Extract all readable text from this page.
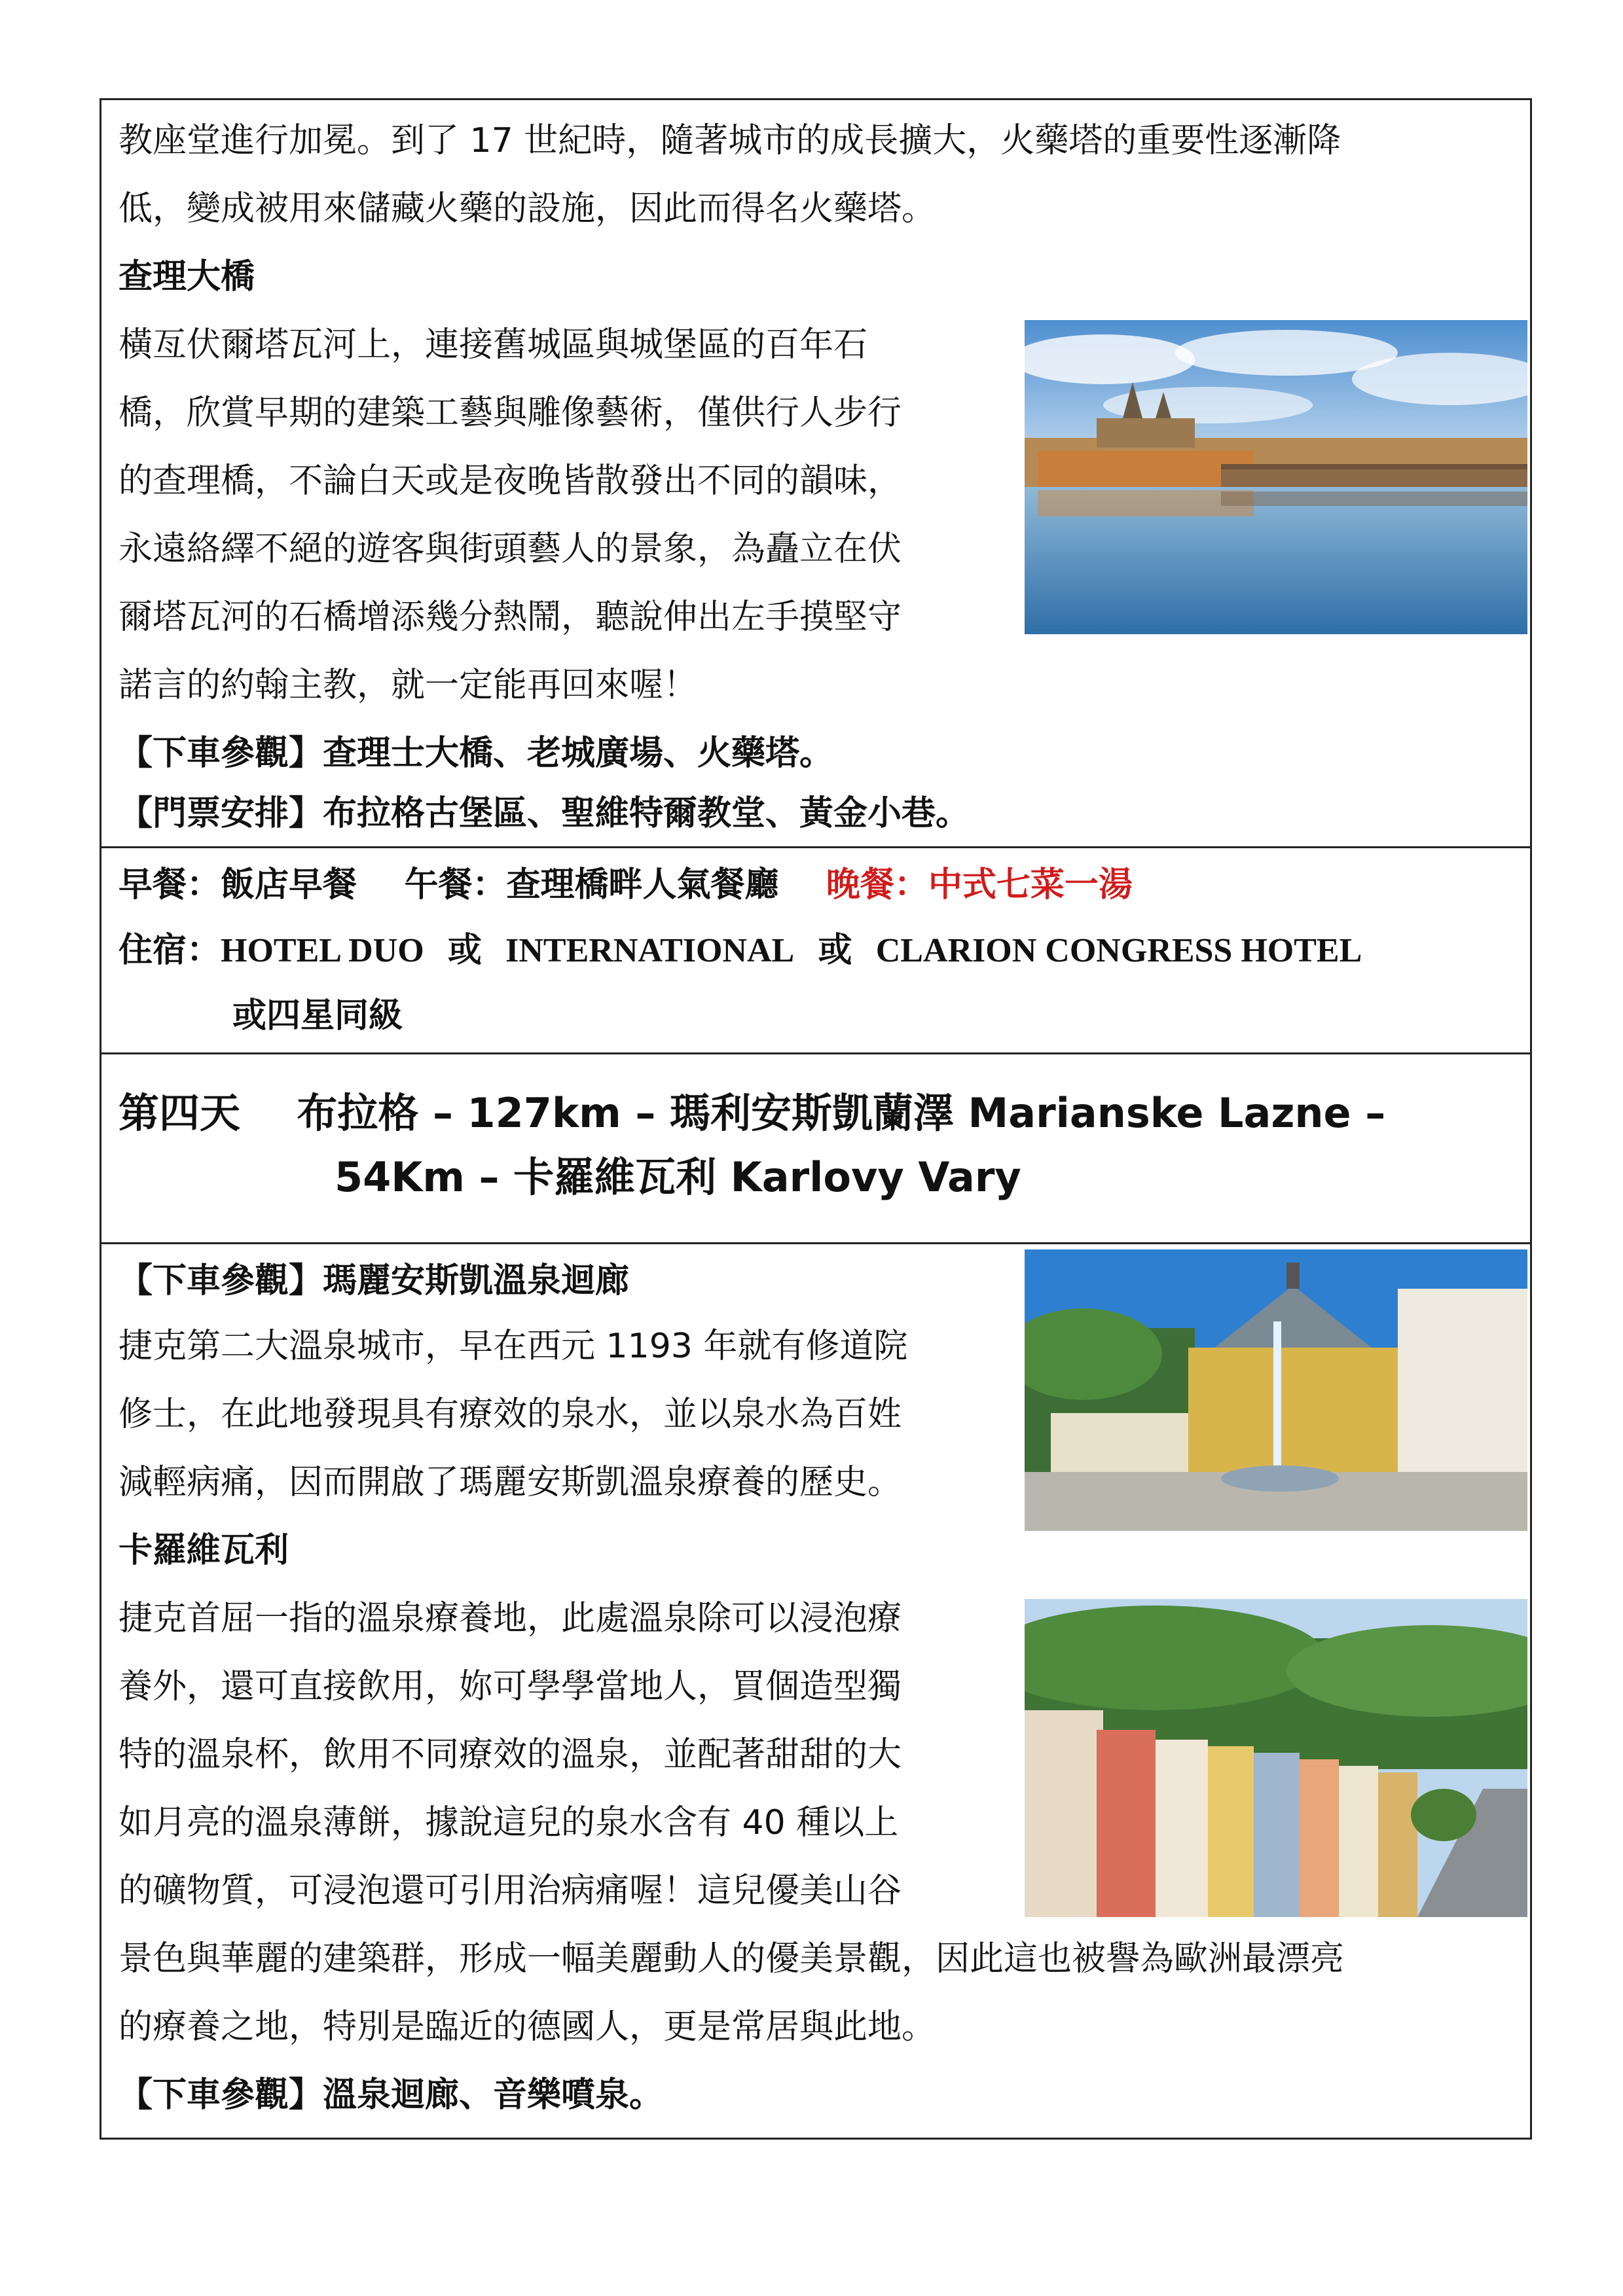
教座堂進行加冕。到了 17 世紀時，隨著城市的成長擴大，火藥塔的重要性逐漸降
低，變成被用來儲藏火藥的設施，因此而得名火藥塔。
查理大橋
橫亙伏爾塔瓦河上，連接舊城區與城堡區的百年石
橋，欣賞早期的建築工藝與雕像藝術，僅供行人步行
的查理橋，不論白天或是夜晚皆散發出不同的韻味，
永遠絡繹不絕的遊客與街頭藝人的景象，為矗立在伏
爾塔瓦河的石橋增添幾分熱鬧，聽說伸出左手摸堅守
諾言的約翰主教，就一定能再回來喔！
【下車參觀】查理士大橋、老城廣場、火藥塔。
【門票安排】布拉格古堡區、聖維特爾教堂、黃金小巷。
早餐：飯店早餐 午餐：查理橋畔人氣餐廳 晚餐：中式七菜一湯
住宿：HOTEL DUO 或 INTERNATIONAL 或 CLARION CONGRESS HOTEL
或四星同級
第四天 布拉格 – 127km – 瑪利安斯凱蘭澤 Marianske Lazne –
54Km – 卡羅維瓦利 Karlovy Vary
【下車參觀】瑪麗安斯凱溫泉迴廊
捷克第二大溫泉城市，早在西元 1193 年就有修道院
修士，在此地發現具有療效的泉水，並以泉水為百姓
減輕病痛，因而開啟了瑪麗安斯凱溫泉療養的歷史。
卡羅維瓦利
捷克首屈一指的溫泉療養地，此處溫泉除可以浸泡療
養外，還可直接飲用，妳可學學當地人，買個造型獨
特的溫泉杯，飲用不同療效的溫泉，並配著甜甜的大
如月亮的溫泉薄餅，據說這兒的泉水含有 40 種以上
的礦物質，可浸泡還可引用治病痛喔！這兒優美山谷
景色與華麗的建築群，形成一幅美麗動人的優美景觀，因此這也被譽為歐洲最漂亮
的療養之地，特別是臨近的德國人，更是常居與此地。
【下車參觀】溫泉迴廊、音樂噴泉。
